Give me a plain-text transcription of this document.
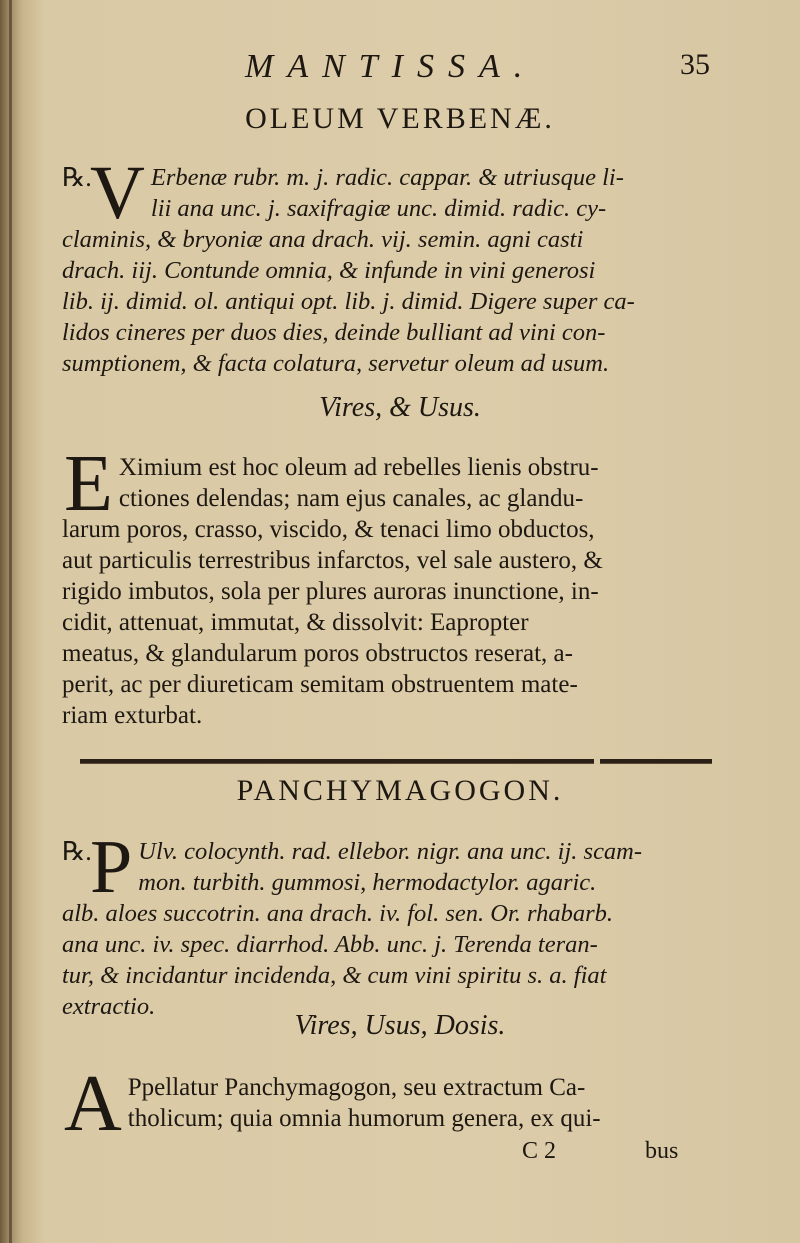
MANTISSA.	35
OLEUM VERBENÆ.
℞.
V Erbenæ rubr. m. j. radic. cappar. & utriusque li-
lii ana unc. j. saxifragiæ unc. dimid. radic. cy-
claminis, & bryoniæ ana drach. vij. semin. agni casti
drach. iij. Contunde omnia, & infunde in vini generosi
lib. ij. dimid. ol. antiqui opt. lib. j. dimid. Digere super ca-
lidos cineres per duos dies, deinde bulliant ad vini con-
sumptionem, & facta colatura, servetur oleum ad usum.
Vires, & Usus.
E Ximium est hoc oleum ad rebelles lienis obstru-
ctiones delendas; nam ejus canales, ac glandu-
larum poros, crasso, viscido, & tenaci limo obductos,
aut particulis terrestribus infarctos, vel sale austero, &
rigido imbutos, sola per plures auroras inunctione, in-
cidit, attenuat, immutat, & dissolvit: Eapropter
meatus, & glandularum poros obstructos reserat, a-
perit, ac per diureticam semitam obstruentem mate-
riam exturbat.
PANCHYMAGOGON.
℞.
P Ulv. colocynth. rad. ellebor. nigr. ana unc. ij. scam-
mon. turbith. gummosi, hermodactylor. agaric.
alb. aloes succotrin. ana drach. iv. fol. sen. Or. rhabarb.
ana unc. iv. spec. diarrhod. Abb. unc. j. Terenda teran-
tur, & incidantur incidenda, & cum vini spiritu s. a. fiat
extractio.
Vires, Usus, Dosis.
A Ppellatur Panchymagogon, seu extractum Ca-
tholicum; quia omnia humorum genera, ex qui-
C 2	bus
